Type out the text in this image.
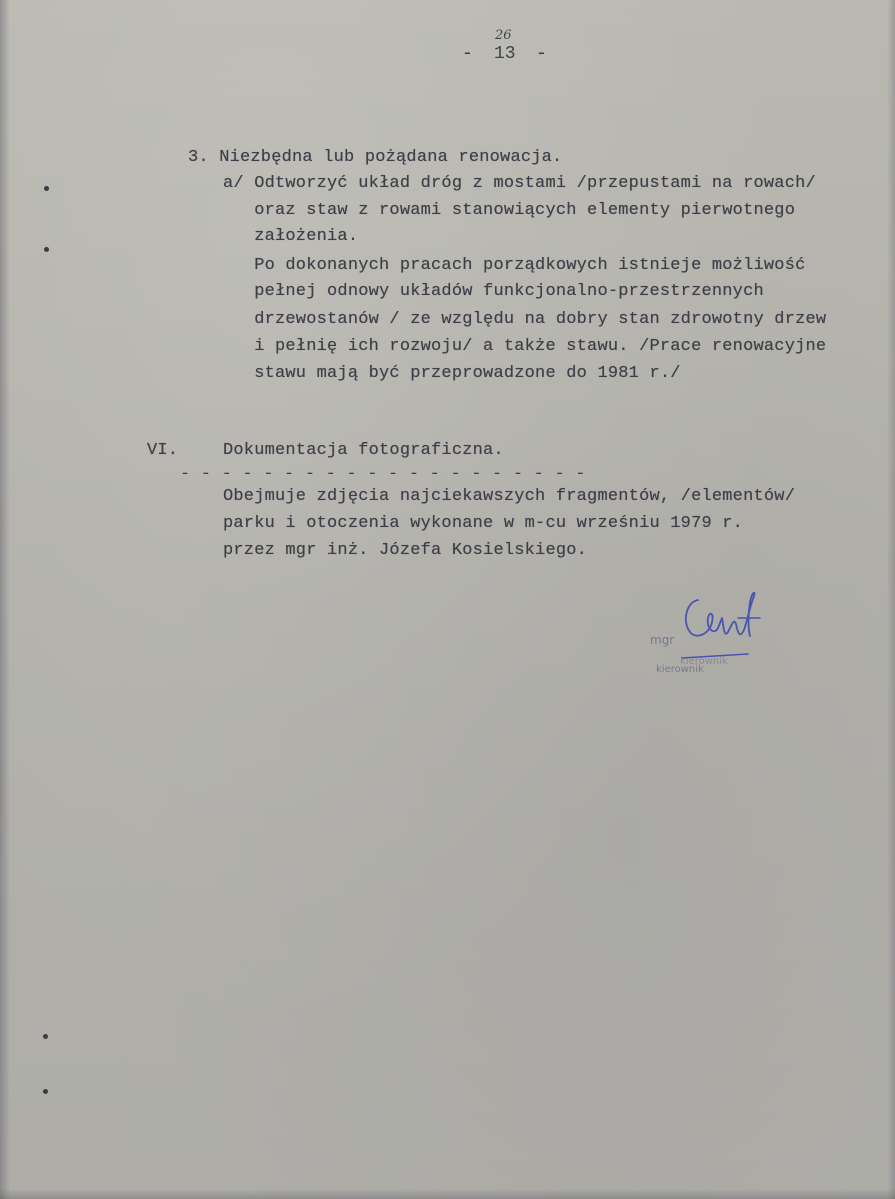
-
26
13 -
3. Niezbędna lub pożądana renowacja.
a/ Odtworzyć układ dróg z mostami /przepustami na rowach/
oraz staw z rowami stanowiących elementy pierwotnego
założenia.
Po dokonanych pracach porządkowych istnieje możliwość
pełnej odnowy układów funkcjonalno-przestrzennych
drzewostanów / ze względu na dobry stan zdrowotny drzew
i pełnię ich rozwoju/ a także stawu. /Prace renowacyjne
stawu mają być przeprowadzone do 1981 r./
VI.	Dokumentacja fotograficzna.
- - - - - - - - - - - - - - - - - - - -
Obejmuje zdjęcia najciekawszych fragmentów, /elementów/
parku i otoczenia wykonane w m-cu wrześniu 1979 r.
przez mgr inż. Józefa Kosielskiego.
mgr
kierownik
kierownik
